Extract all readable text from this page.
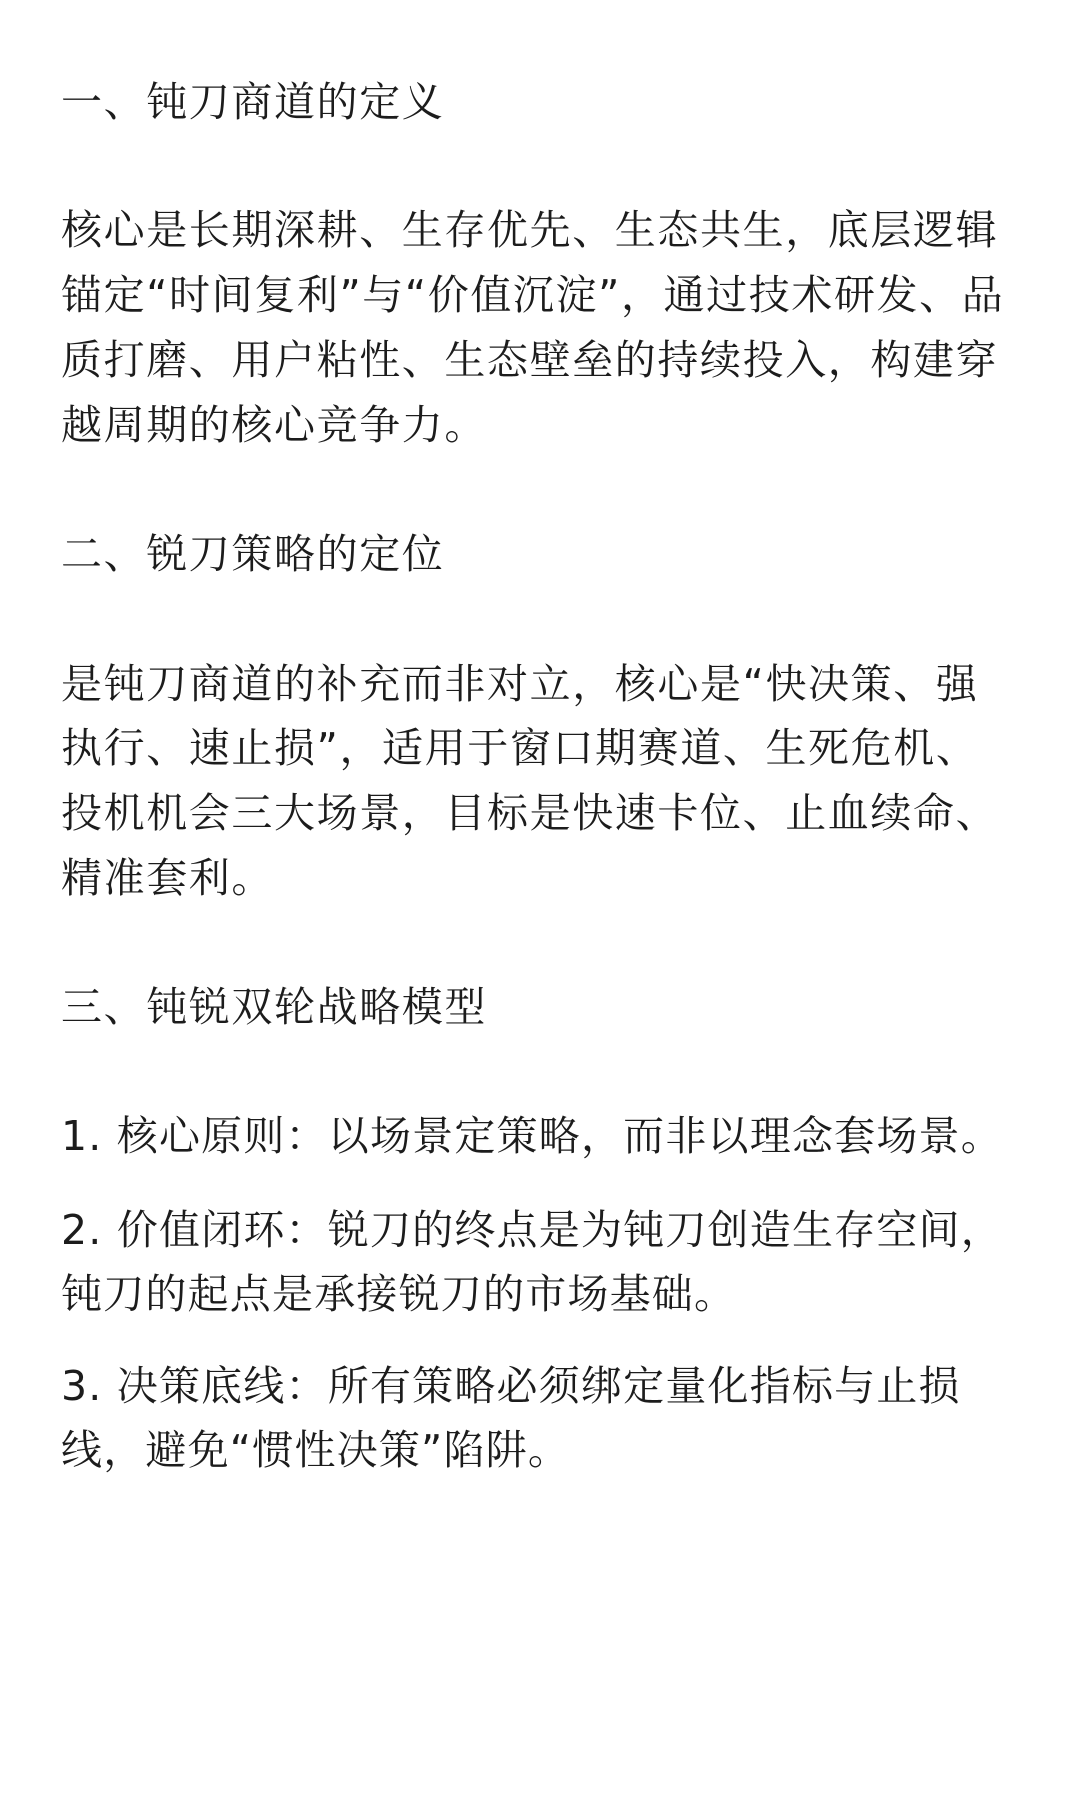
一、钝刀商道的定义

核心是长期深耕、生存优先、生态共生，底层逻辑

锚定“时间复利”与“价值沉淀”，通过技术研发、品

质打磨、用户粘性、生态壁垒的持续投入，构建穿

越周期的核心竞争力。

二、锐刀策略的定位

是钝刀商道的补充而非对立，核心是“快决策、强

执行、速止损”，适用于窗口期赛道、生死危机、

投机机会三大场景，目标是快速卡位、止血续命、

精准套利。

三、钝锐双轮战略模型

1. 核心原则：以场景定策略，而非以理念套场景。

2. 价值闭环：锐刀的终点是为钝刀创造生存空间，

钝刀的起点是承接锐刀的市场基础。

3. 决策底线：所有策略必须绑定量化指标与止损

线，避免“惯性决策”陷阱。
